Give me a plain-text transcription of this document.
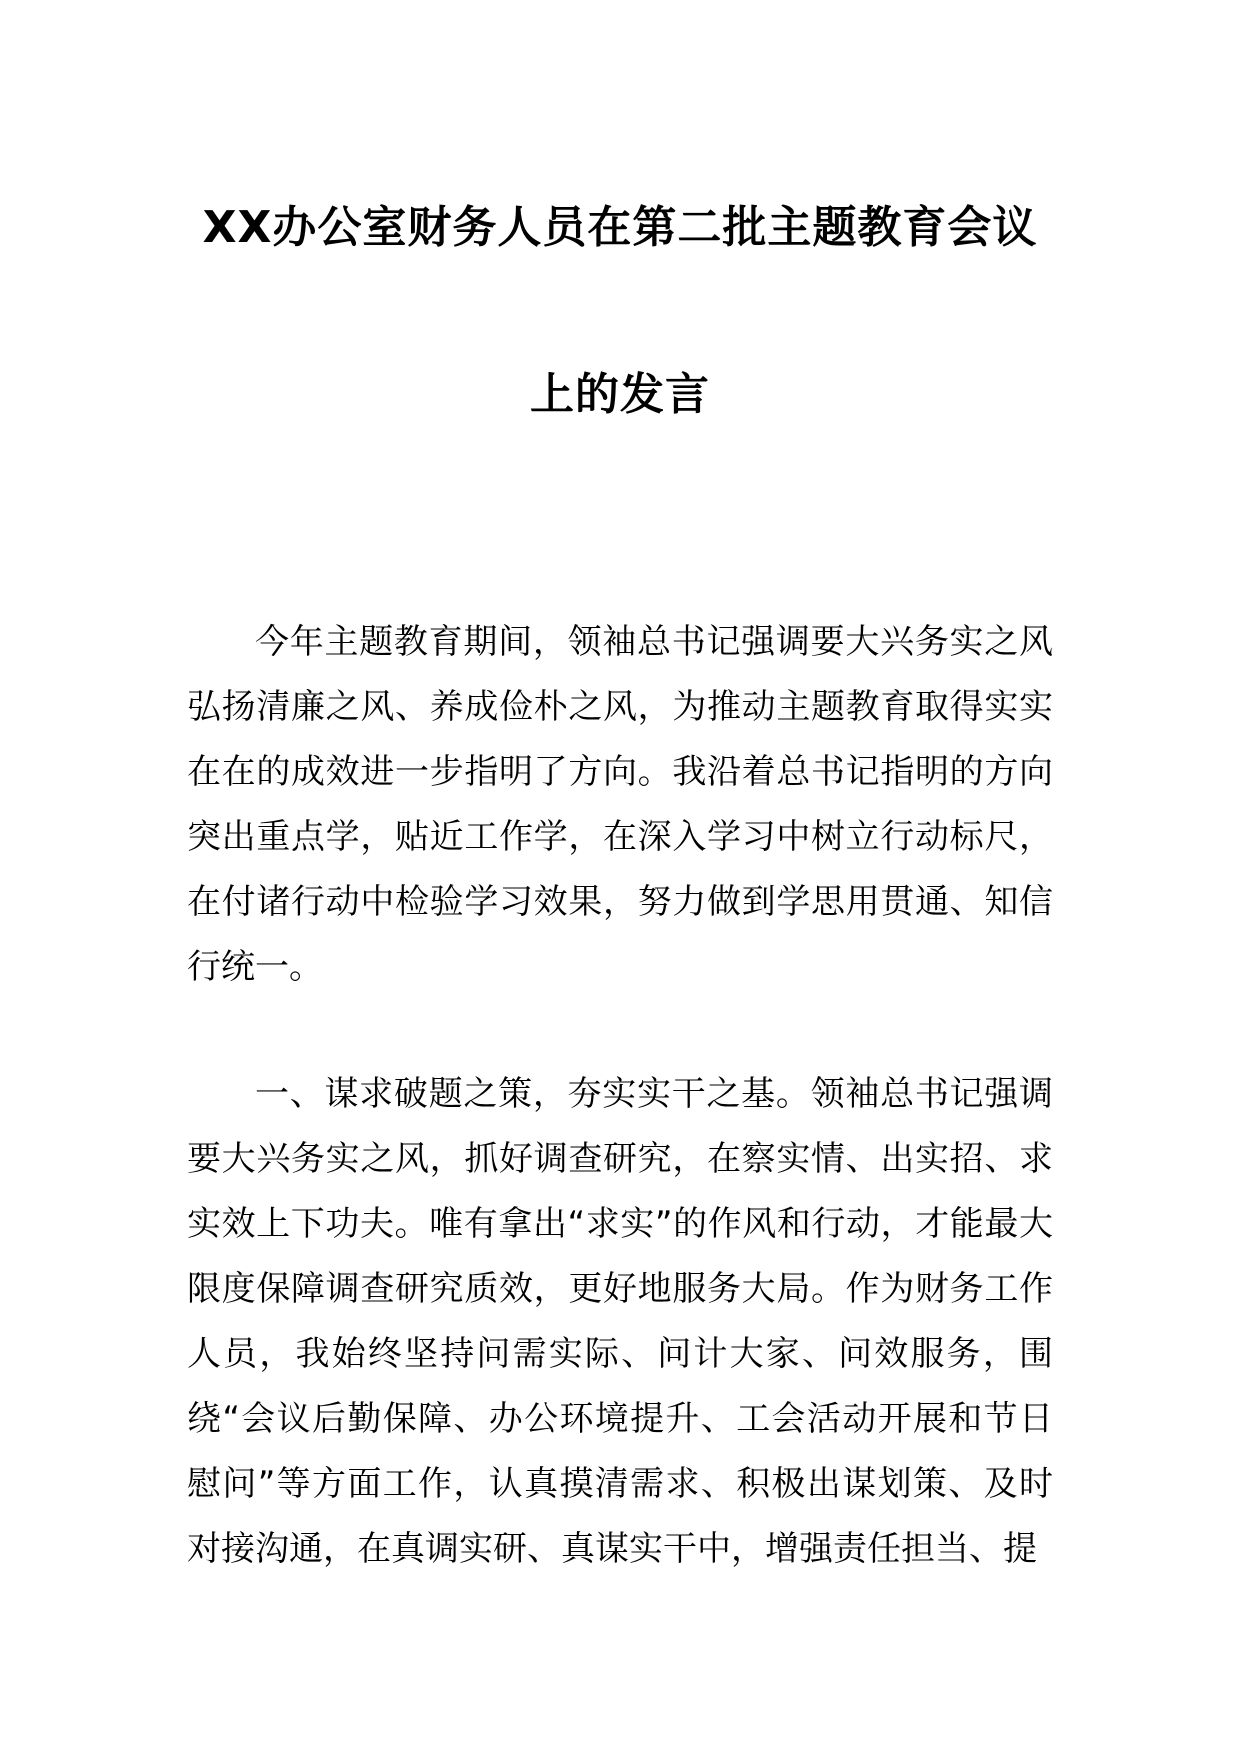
XX办公室财务人员在第二批主题教育会议
上的发言

今年主题教育期间，领袖总书记强调要大兴务实之风弘扬清廉之风、养成俭朴之风，为推动主题教育取得实实在在的成效进一步指明了方向。我沿着总书记指明的方向突出重点学，贴近工作学，在深入学习中树立行动标尺，在付诸行动中检验学习效果，努力做到学思用贯通、知信行统一。

一、谋求破题之策，夯实实干之基。领袖总书记强调要大兴务实之风，抓好调查研究，在察实情、出实招、求实效上下功夫。唯有拿出“求实”的作风和行动，才能最大限度保障调查研究质效，更好地服务大局。作为财务工作人员，我始终坚持问需实际、问计大家、问效服务，围绕“会议后勤保障、办公环境提升、工会活动开展和节日慰问”等方面工作，认真摸清需求、积极出谋划策、及时对接沟通，在真调实研、真谋实干中，增强责任担当、提
